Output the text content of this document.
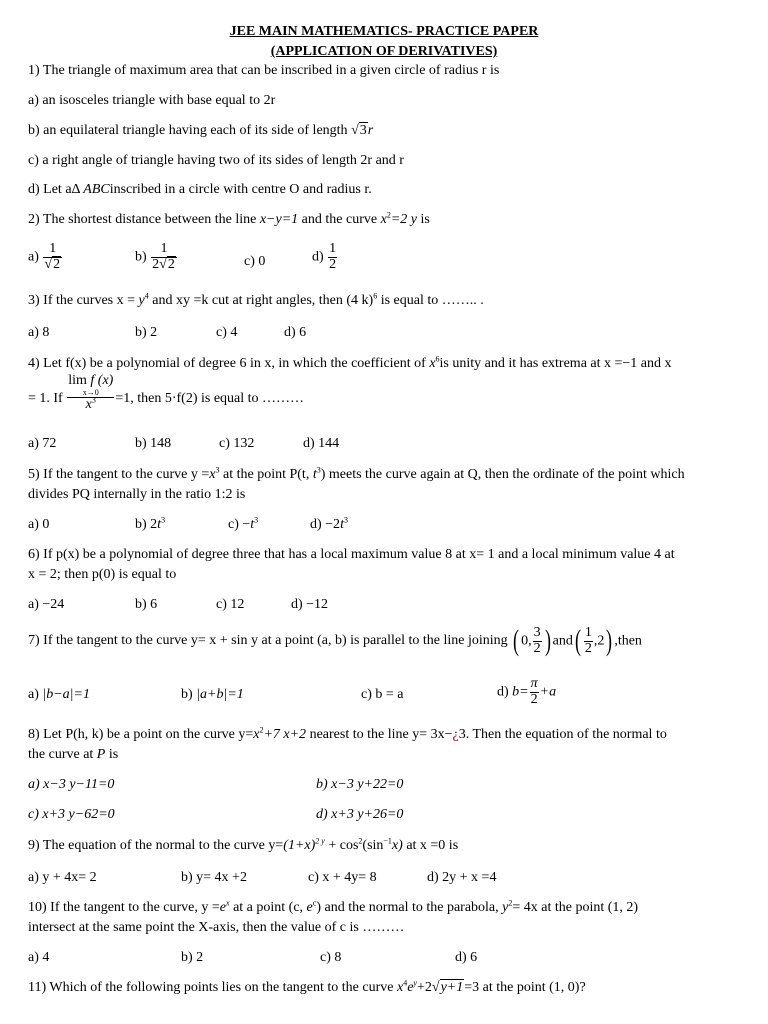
JEE MAIN MATHEMATICS- PRACTICE PAPER
(APPLICATION OF DERIVATIVES)
1) The triangle of maximum area that can be inscribed in a given circle of radius r is
a) an isosceles triangle with base equal to 2r
b) an equilateral triangle having each of its side of length √3r
c) a right angle of triangle having two of its sides of length 2r and r
d) Let aΔ ABCinscribed in a circle with centre O and radius r.
2) The shortest distance between the line x−y=1 and the curve $x^2=2$ y is
$a) \frac{1}{√2}$	$b) \frac{1}{2√2}$	c) 0	$d) \frac{1}{2}$
3) If the curves $x = y^4$ and xy =k cut at right angles, then (4 k)$^6$ is equal to …….. .
a) 8	b) 2	c) 4	d) 6
4) Let f(x) be a polynomial of degree 6 in x, in which the coefficient of $x^6is$ unity and it has extrema at x =−1 and x
= 1. If
lim f (x)

x→0
$x^3$	=1, then 5·f(2) is equal to ………
a) 72	b) 148	c) 132	d) 144
5) If the tangent to the curve $y =x^3$ at the point P(t, $t^3$) meets the curve again at Q, then the ordinate of the point which
divides PQ internally in the ratio 1:2 is
a) 0	b) $2t^3$	$c) -t^3$	$d) -2t^3$
6) If p(x) be a polynomial of degree three that has a local maximum value 8 at x= 1 and a local minimum value 4 at
x = 2; then p(0) is equal to
a) −24	b) 6	c) 12	d) −12
7) If the tangent to the curve y= x + sin y at a point (a, b) is parallel to the line joining ( 0, $\frac{3}{2}$ ) $and( \frac{1}{2} ,2)$ ,then
a) |b−a|=1	b) |a+b|=1	c) b = a	d) $b= \frac{\pi}{2} +a$
8) Let P(h, k) be a point on the curve $y=x^2+7$ x+2 nearest to the line y= 3x−¿3. Then the equation of the normal to
the curve at P is
a) x−3 y−11=0	b) x−3 y+22=0
c) x+3 y−62=0	d) x+3 y+26=0
9) The equation of the normal to the curve $y=(1+x)^{2 y} + \cos^2(\sin^{-1}x)$ at x =0 is
a) y + 4x= 2	b) y= 4x +2	c) x + 4y= 8	d) 2y + x =4
10) If the tangent to the curve, $y =e^x$ at a point (c, $e^c$) and the normal to the parabola, $y^2= 4x$ at the point (1, 2)
intersect at the same point the X-axis, then the value of c is ………
a) 4	b) 2	c) 8	d) 6
11) Which of the following points lies on the tangent to the curve $x^4e^y+2√y+1=3$ at the point (1, 0)?
